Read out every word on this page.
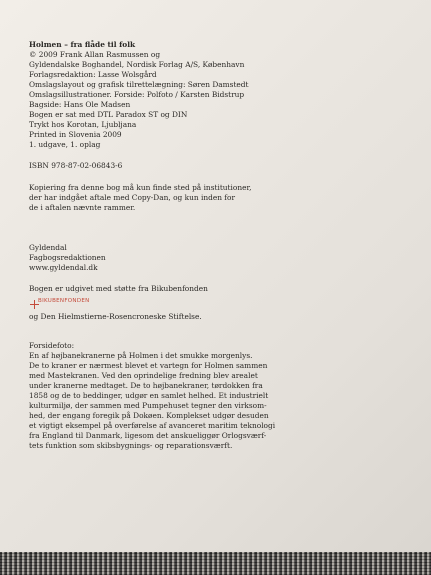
Holmen – fra flåde til folk

© 2009 Frank Allan Rasmussen og

Gyldendalske Boghandel, Nordisk Forlag A/S, København

Forlagsredaktion: Lasse Wolsgård

Omslagslayout og grafisk tilrettelægning: Søren Damstedt

Omslagsillustrationer. Forside: Polfoto / Karsten Bidstrup

Bagside: Hans Ole Madsen

Bogen er sat med DTL Paradox ST og DIN

Trykt hos Korotan, Ljubljana

Printed in Slovenia 2009

1. udgave, 1. oplag

ISBN 978-87-02-06843-6

Kopiering fra denne bog må kun finde sted på institutioner,

der har indgået aftale med Copy-Dan, og kun inden for

de i aftalen nævnte rammer.

Gyldendal

Fagbogsredaktionen

www.gyldendal.dk

Bogen er udgivet med støtte fra Bikubenfonden

BIKUBENFONDEN

og Den Hielmstierne-Rosencroneske Stiftelse.

Forsidefoto:

En af højbanekranerne på Holmen i det smukke morgenlys.

De to kraner er nærmest blevet et vartegn for Holmen sammen

med Mastekranen. Ved den oprindelige fredning blev arealet

under kranerne medtaget. De to højbanekraner, tørdokken fra

1858 og de to beddinger, udgør en samlet helhed. Et industrielt

kulturmiljø, der sammen med Pumpehuset tegner den virksom-

hed, der engang foregik på Dokøen. Komplekset udgør desuden

et vigtigt eksempel på overførelse af avanceret maritim teknologi

fra England til Danmark, ligesom det anskueliggør Orlogsværf-

tets funktion som skibsbygnings- og reparationsværft.
